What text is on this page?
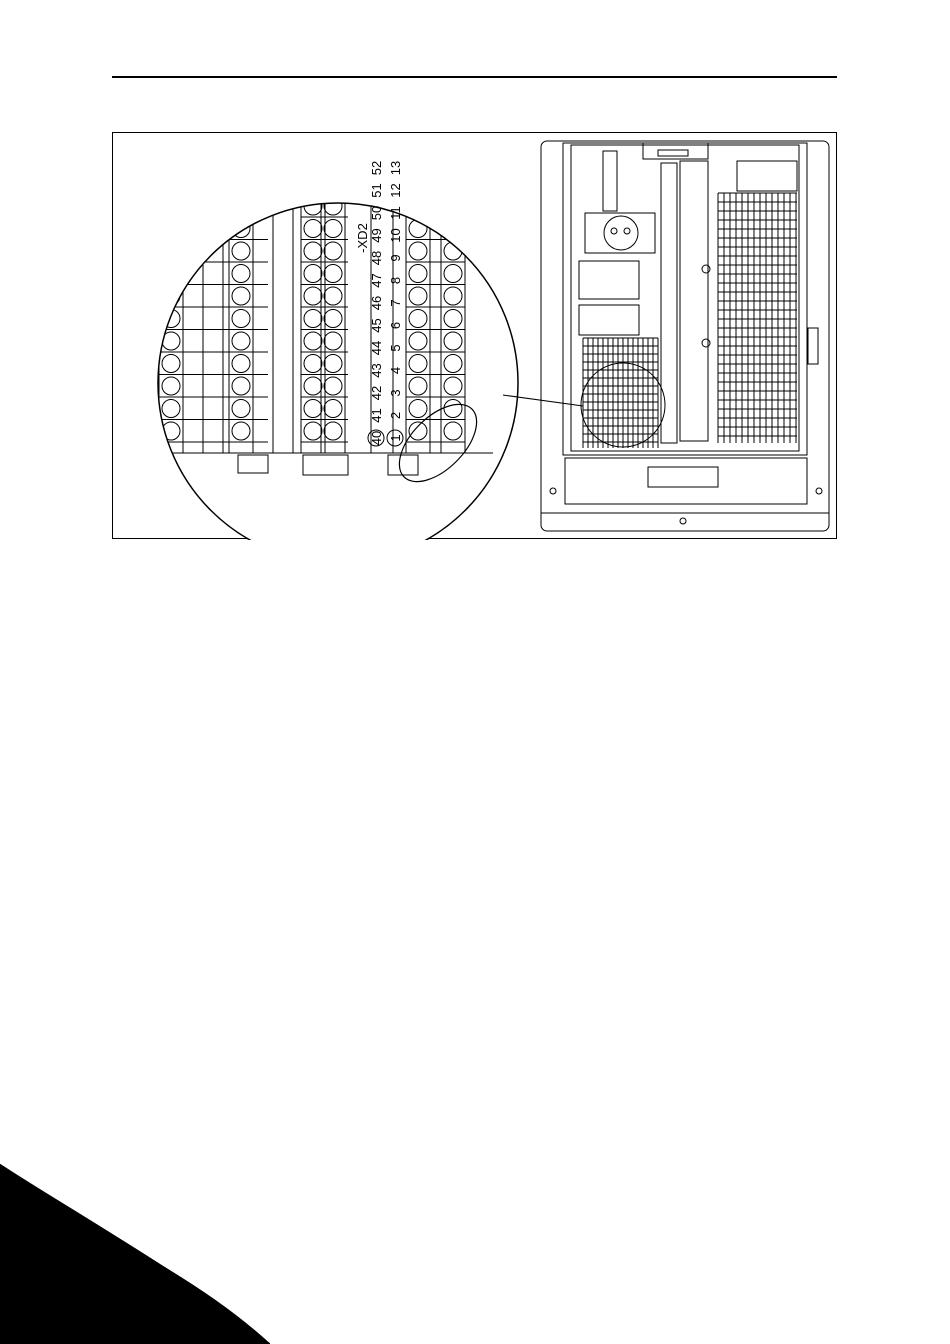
40 1
41 2
42 3
43 4
44 5
45 6
46 7
47 8
48 9
49 10
50 11
51 12
52 13
-XD2
